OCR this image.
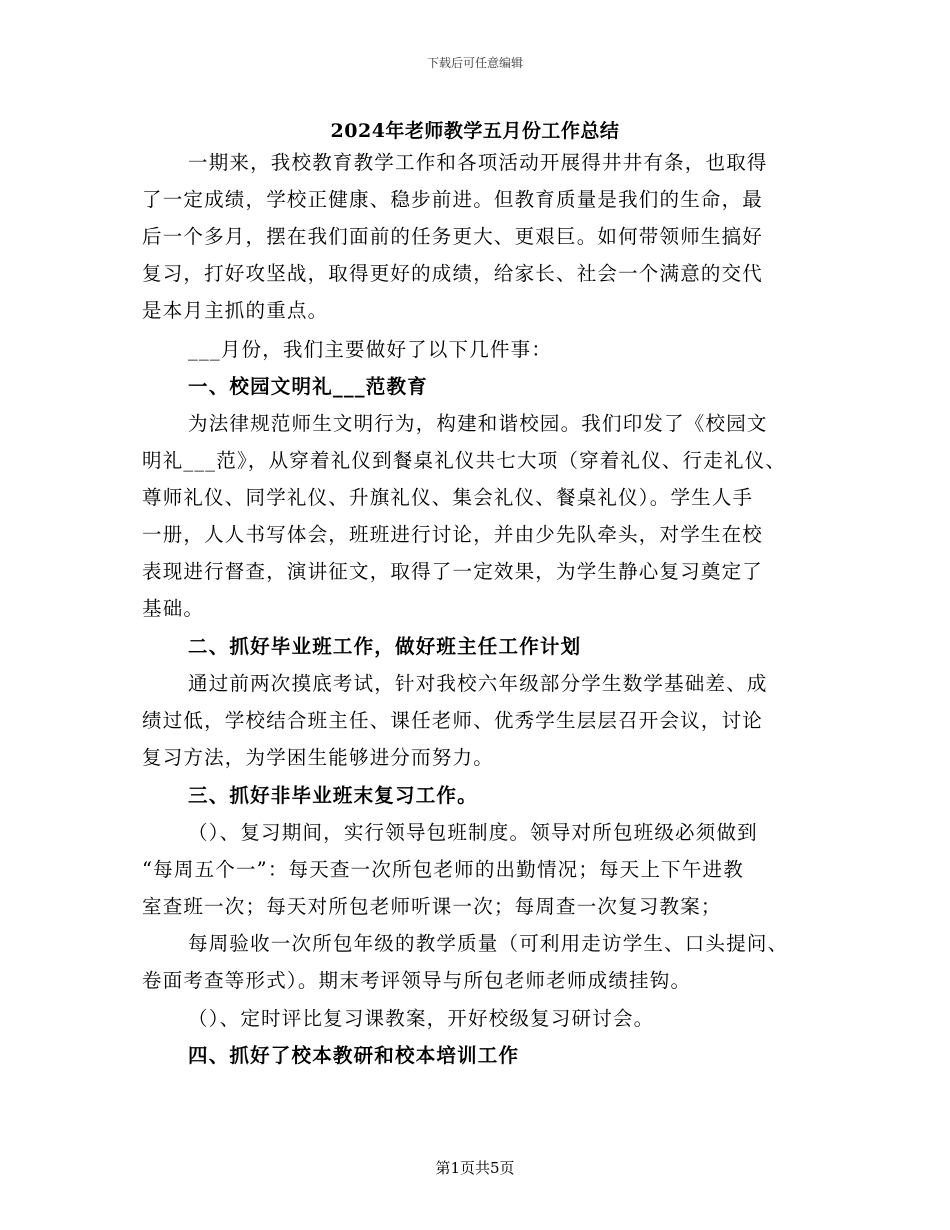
下载后可任意编辑
2024年老师教学五月份工作总结
一期来，我校教育教学工作和各项活动开展得井井有条，也取得
了一定成绩，学校正健康、稳步前进。但教育质量是我们的生命，最
后一个多月，摆在我们面前的任务更大、更艰巨。如何带领师生搞好
复习，打好攻坚战，取得更好的成绩，给家长、社会一个满意的交代
是本月主抓的重点。
___月份，我们主要做好了以下几件事：
一、校园文明礼___范教育
为法律规范师生文明行为，构建和谐校园。我们印发了《校园文
明礼___范》，从穿着礼仪到餐桌礼仪共七大项（穿着礼仪、行走礼仪、
尊师礼仪、同学礼仪、升旗礼仪、集会礼仪、餐桌礼仪）。学生人手
一册，人人书写体会，班班进行讨论，并由少先队牵头，对学生在校
表现进行督查，演讲征文，取得了一定效果，为学生静心复习奠定了
基础。
二、抓好毕业班工作，做好班主任工作计划
通过前两次摸底考试，针对我校六年级部分学生数学基础差、成
绩过低，学校结合班主任、课任老师、优秀学生层层召开会议，讨论
复习方法，为学困生能够进分而努力。
三、抓好非毕业班末复习工作。
（）、复习期间，实行领导包班制度。领导对所包班级必须做到
“每周五个一”：每天查一次所包老师的出勤情况；每天上下午进教
室查班一次；每天对所包老师听课一次；每周查一次复习教案；
每周验收一次所包年级的教学质量（可利用走访学生、口头提问、
卷面考查等形式）。期末考评领导与所包老师老师成绩挂钩。
（）、定时评比复习课教案，开好校级复习研讨会。
四、抓好了校本教研和校本培训工作
第1页共5页
